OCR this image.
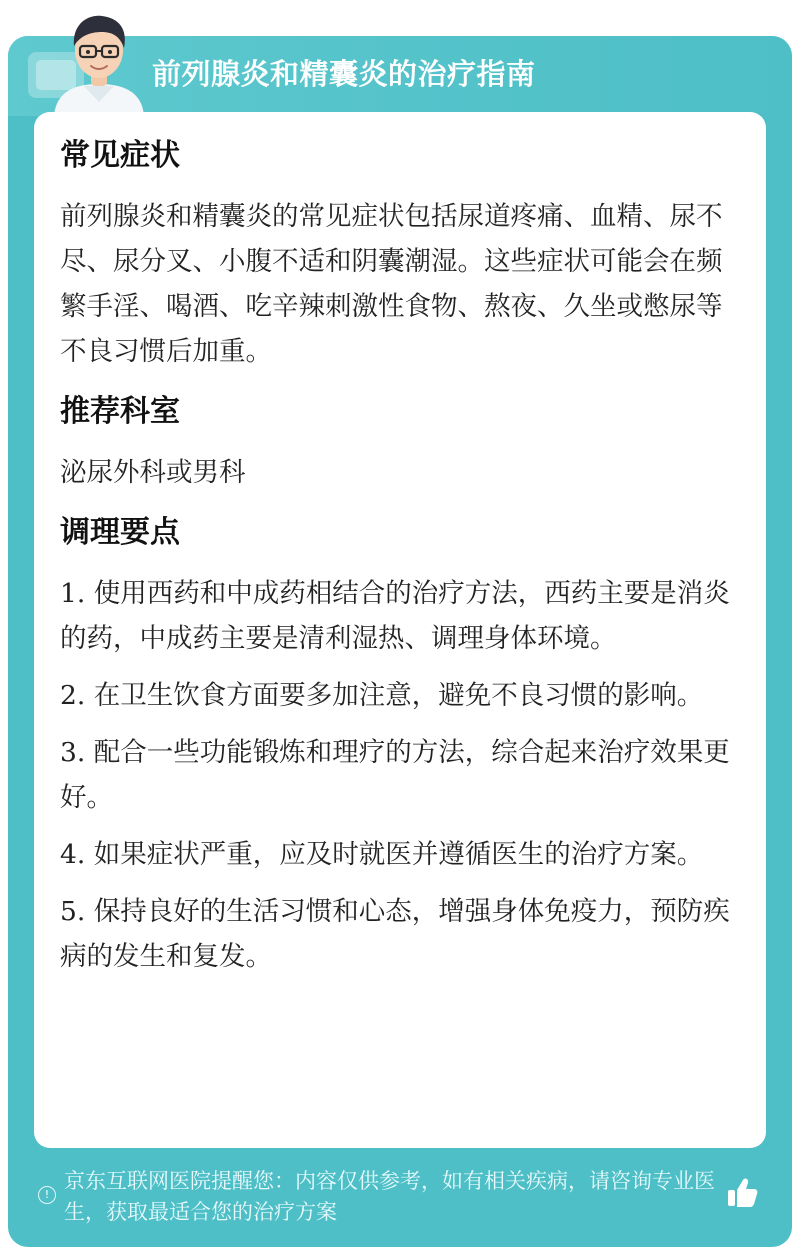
前列腺炎和精囊炎的治疗指南
常见症状
前列腺炎和精囊炎的常见症状包括尿道疼痛、血精、尿不尽、尿分叉、小腹不适和阴囊潮湿。这些症状可能会在频繁手淫、喝酒、吃辛辣刺激性食物、熬夜、久坐或憋尿等不良习惯后加重。
推荐科室
泌尿外科或男科
调理要点
1. 使用西药和中成药相结合的治疗方法，西药主要是消炎的药，中成药主要是清利湿热、调理身体环境。
2. 在卫生饮食方面要多加注意，避免不良习惯的影响。
3. 配合一些功能锻炼和理疗的方法，综合起来治疗效果更好。
4. 如果症状严重，应及时就医并遵循医生的治疗方案。
5. 保持良好的生活习惯和心态，增强身体免疫力，预防疾病的发生和复发。
!
京东互联网医院提醒您：内容仅供参考，如有相关疾病，请咨询专业医生，获取最适合您的治疗方案
